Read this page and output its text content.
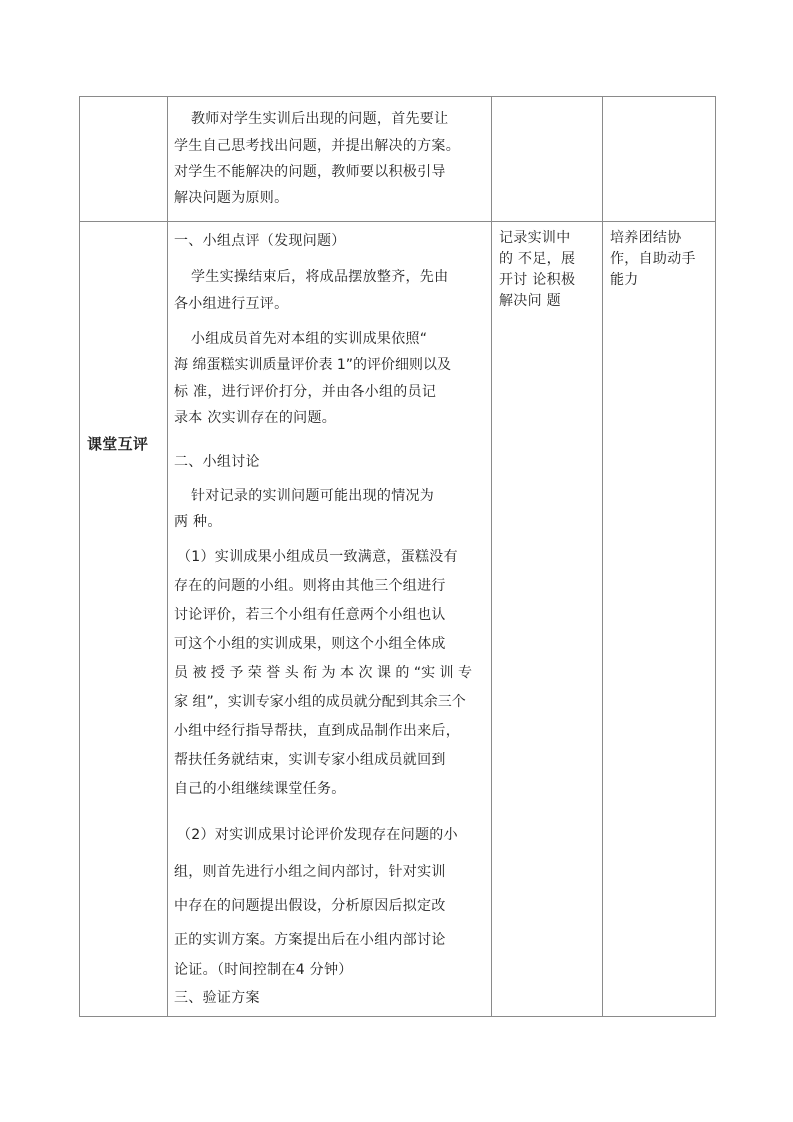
教师对学生实训后出现的问题，首先要让
学生自己思考找出问题，并提出解决的方案。
对学生不能解决的问题，教师要以积极引导
解决问题为原则。
课堂互评
一、小组点评（发现问题）
学生实操结束后，将成品摆放整齐，先由
各小组进行互评。
小组成员首先对本组的实训成果依照“
海 绵蛋糕实训质量评价表 1”的评价细则以及
标 准，进行评价打分，并由各小组的员记
录本 次实训存在的问题。
二、小组讨论
针对记录的实训问题可能出现的情况为
两 种。
（1）实训成果小组成员一致满意，蛋糕没有
存在的问题的小组。则将由其他三个组进行
讨论评价，若三个小组有任意两个小组也认
可这个小组的实训成果，则这个小组全体成
员 被 授 予 荣 誉 头 衔 为 本 次 课 的 “实 训 专
家 组”，实训专家小组的成员就分配到其余三个
小组中经行指导帮扶，直到成品制作出来后，
帮扶任务就结束，实训专家小组成员就回到
自己的小组继续课堂任务。
（2）对实训成果讨论评价发现存在问题的小
组，则首先进行小组之间内部讨，针对实训
中存在的问题提出假设，分析原因后拟定改
正的实训方案。方案提出后在小组内部讨论
论证。（时间控制在4 分钟）
三、验证方案
记录实训中
的 不足，展
开讨 论积极
解决问 题
培养团结协
作，自助动手
能力
